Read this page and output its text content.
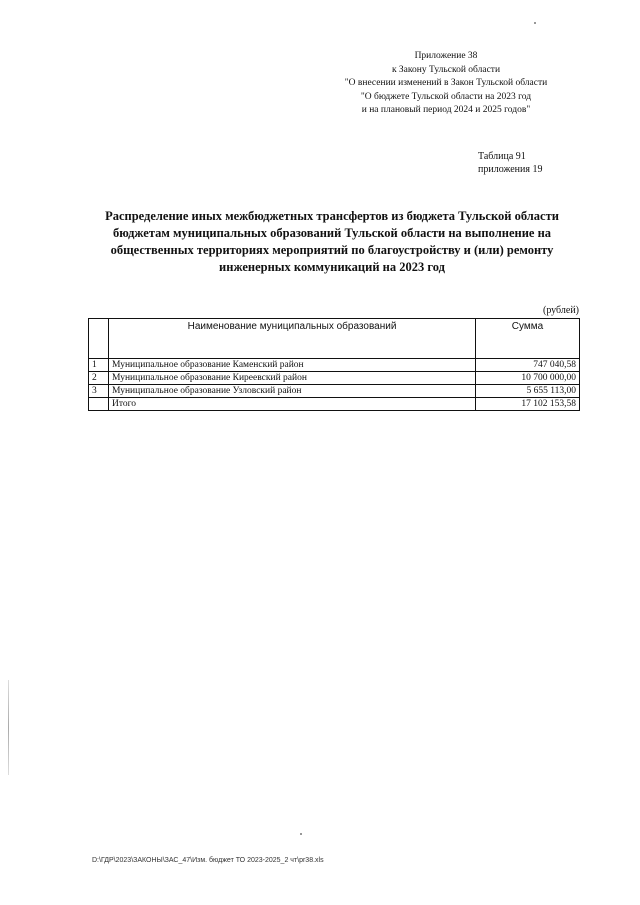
Приложение 38
к Закону Тульской области
"О внесении изменений в Закон Тульской области
"О бюджете Тульской области на 2023 год
и на плановый период 2024 и 2025 годов"
Таблица 91
приложения 19
Распределение иных межбюджетных трансфертов из бюджета Тульской области бюджетам муниципальных образований Тульской области на выполнение на общественных территориях мероприятий по благоустройству и (или) ремонту инженерных коммуникаций на 2023 год
(рублей)
	Наименование муниципальных образований	Сумма
1	Муниципальное образование Каменский район	747 040,58
2	Муниципальное образование Киреевский район	10 700 000,00
3	Муниципальное образование Узловский район	5 655 113,00
	Итого	17 102 153,58
D:\ГДР\2023\ЗАКОНЫ\ЗАС_47\Изм. бюджет ТО 2023-2025_2 чт\pr38.xls
